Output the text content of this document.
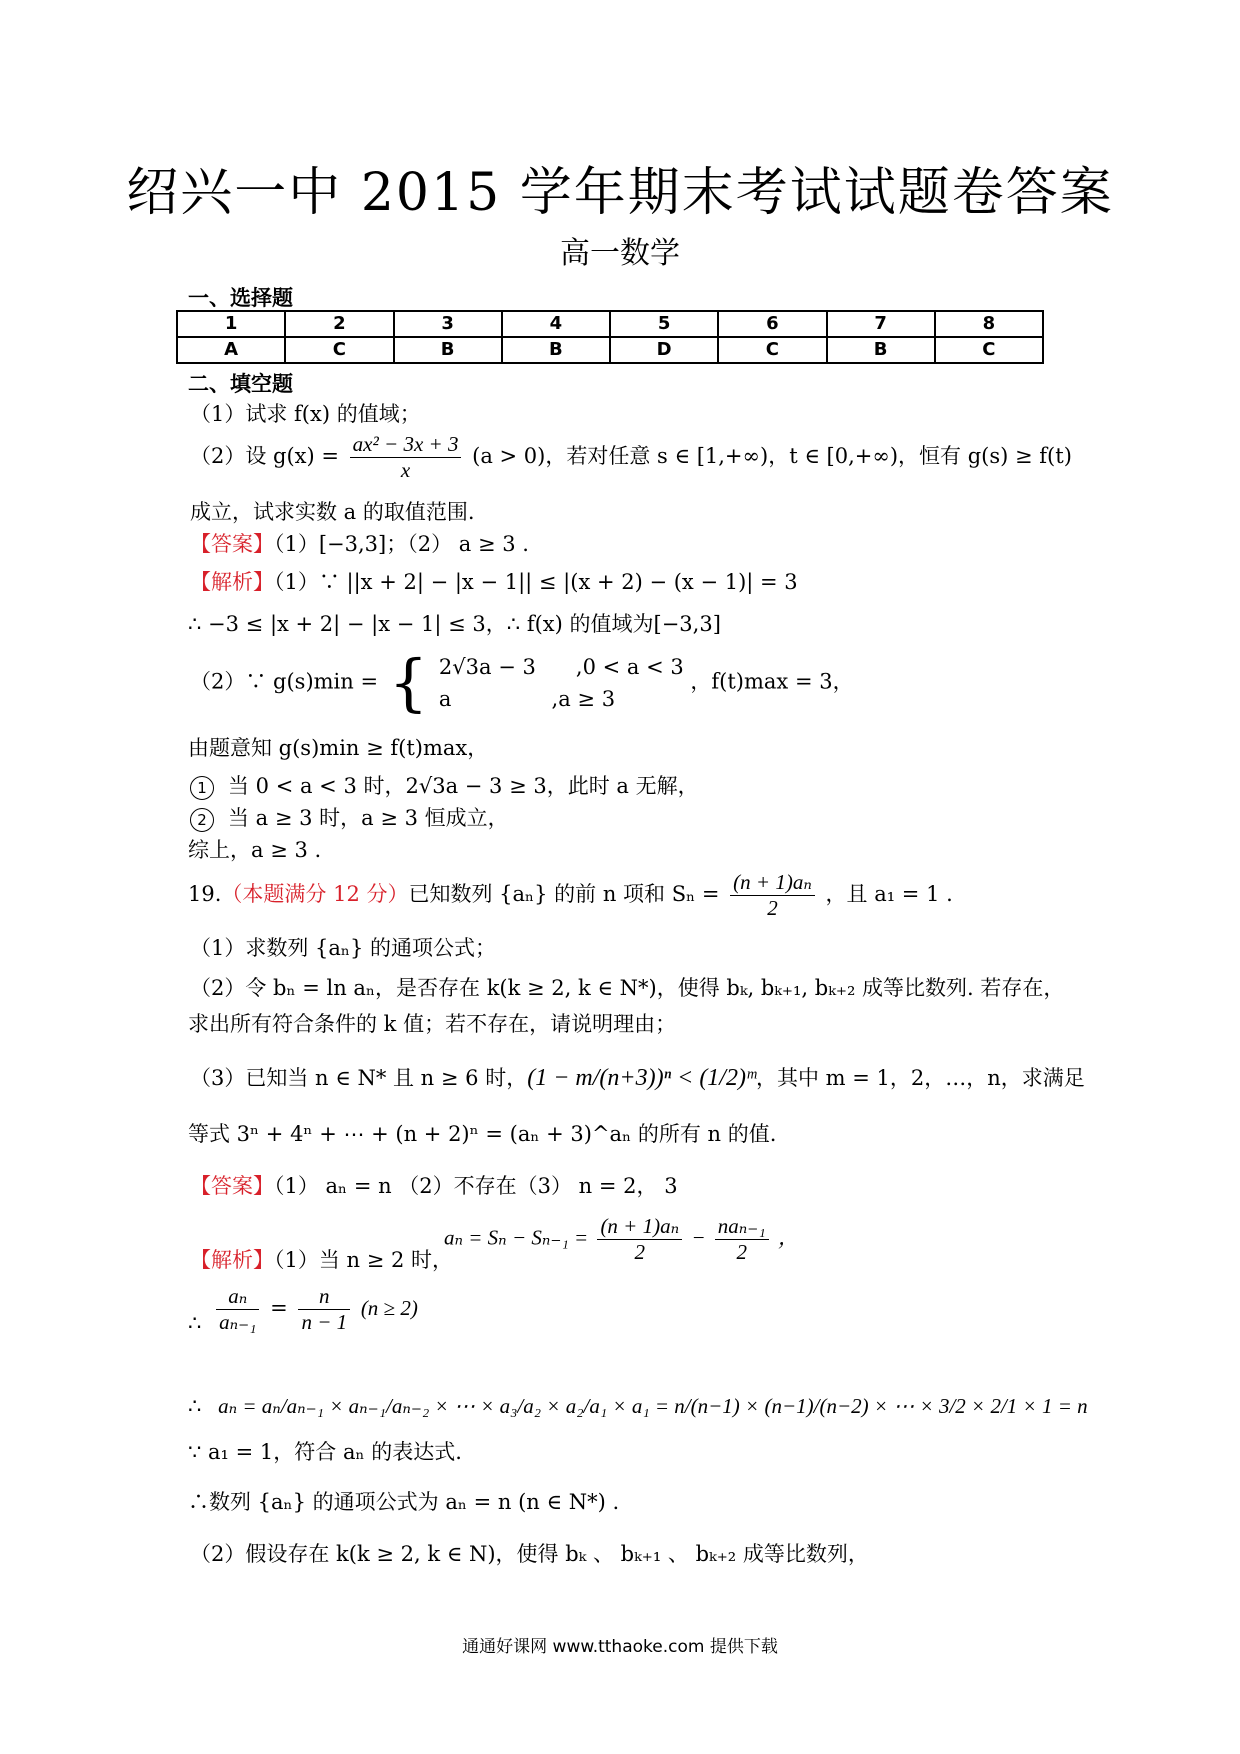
绍兴一中 2015 学年期末考试试题卷答案
高一数学
一、选择题
1	2	3	4	5	6	7	8
A	C	B	B	D	C	B	C
二、填空题
（1）试求 f(x) 的值域；
（2）设 $g(x) = \frac{\text{ax² − 3x + 3}}{x} (a > 0)$，若对任意 s ∈ [1,+∞)，t ∈ [0,+∞)，恒有 g(s) ≥ f(t)
成立，试求实数 a 的取值范围.
【答案】（1）[−3,3]；（2） a ≥ 3 .
【解析】（1）∵ ||x + 2| − |x − 1|| ≤ |(x + 2) − (x − 1)| = 3
∴ −3 ≤ |x + 2| − |x − 1| ≤ 3，∴ f(x) 的值域为[−3,3]
（2）∵ g(s)min = { 2√3a − 3      ,0 < a < 3
a               ,a ≥ 3
，f(t)max = 3，
由题意知 g(s)min ≥ f(t)max，
1 当 0 < a < 3 时，2√3a − 3 ≥ 3，此时 a 无解，
2 当 a ≥ 3 时，a ≥ 3 恒成立，
综上，a ≥ 3 .
19.（本题满分 12 分）已知数列 {aₙ} 的前 n 项和 $S_n = \frac{\text{(n + 1)aₙ}}{2}$ ，且 a₁ = 1 .
（1）求数列 {aₙ} 的通项公式；
（2）令 bₙ = ln aₙ，是否存在 k(k ≥ 2, k ∈ N*)，使得 bₖ, bₖ₊₁, bₖ₊₂ 成等比数列. 若存在，
求出所有符合条件的 k 值；若不存在，请说明理由；
（3）已知当 n ∈ N* 且 n ≥ 6 时，(1 − m/(n+3))ⁿ < (1/2)ᵐ，其中 m = 1，2，…，n，求满足
等式 3ⁿ + 4ⁿ + ⋯ + (n + 2)ⁿ = (aₙ + 3)^aₙ 的所有 n 的值.
【答案】（1） aₙ = n （2）不存在（3） n = 2， 3
$a_n = S_n - S_{n-1} = \frac{\text{(n + 1)aₙ}}{2} - \frac{\text{naₙ₋₁}}{2}$ ，
【解析】（1）当 n ≥ 2 时，
∴ $\frac{\text{aₙ}}{\text{aₙ₋₁}} = \frac{n}{n - 1} (n \ge 2)$
∴ aₙ = aₙ/aₙ₋₁ × aₙ₋₁/aₙ₋₂ × ⋯ × a₃/a₂ × a₂/a₁ × a₁ = n/(n−1) × (n−1)/(n−2) × ⋯ × 3/2 × 2/1 × 1 = n
∵ a₁ = 1，符合 aₙ 的表达式.
∴数列 {aₙ} 的通项公式为 aₙ = n (n ∈ N*) .
（2）假设存在 k(k ≥ 2, k ∈ N)，使得 bₖ 、 bₖ₊₁ 、 bₖ₊₂ 成等比数列，
通通好课网 www.tthaoke.com 提供下载
